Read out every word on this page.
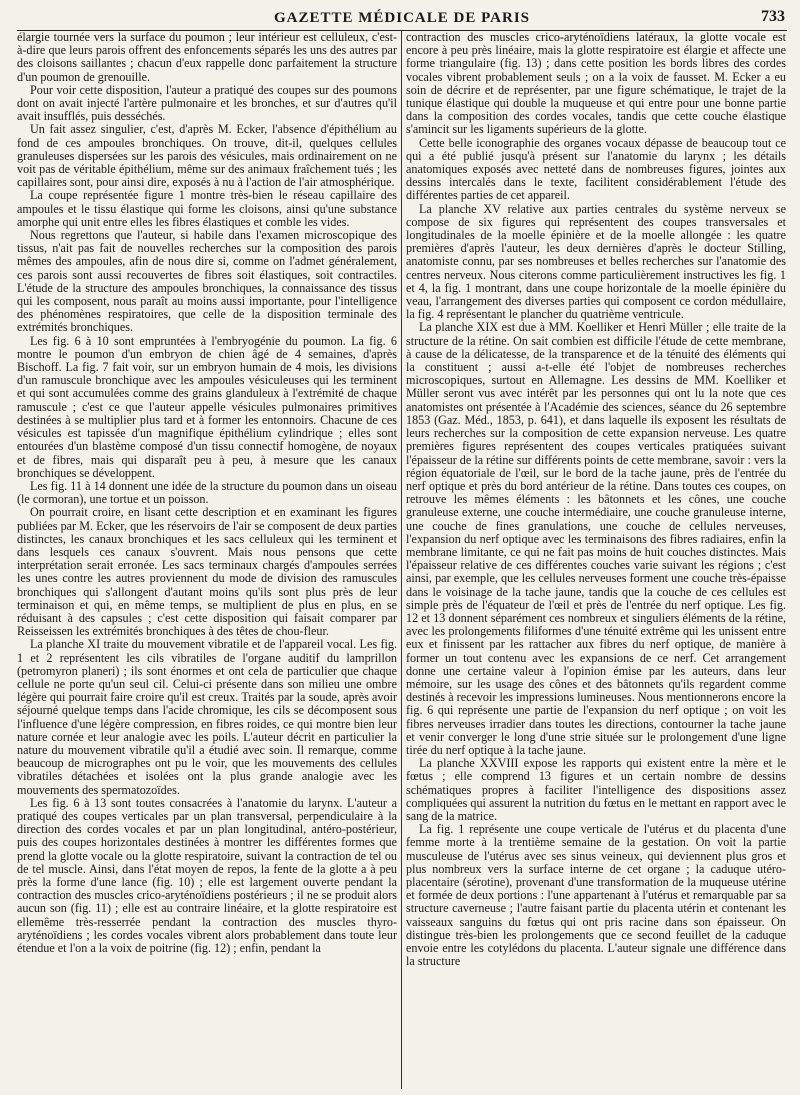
GAZETTE MÉDICALE DE PARIS	733

élargie tournée vers la surface du poumon ; leur intérieur est celluleux, c'est-à-dire que leurs parois offrent des enfoncements séparés les uns des autres par des cloisons saillantes ; chacun d'eux rappelle donc parfaitement la structure d'un poumon de grenouille.

Pour voir cette disposition, l'auteur a pratiqué des coupes sur des poumons dont on avait injecté l'artère pulmonaire et les bronches, et sur d'autres qu'il avait insufflés, puis desséchés.

Un fait assez singulier, c'est, d'après M. Ecker, l'absence d'épithélium au fond de ces ampoules bronchiques. On trouve, dit-il, quelques cellules granuleuses dispersées sur les parois des vésicules, mais ordinairement on ne voit pas de véritable épithélium, même sur des animaux fraîchement tués ; les capillaires sont, pour ainsi dire, exposés à nu à l'action de l'air atmosphérique.

La coupe représentée figure 1 montre très-bien le réseau capillaire des ampoules et le tissu élastique qui forme les cloisons, ainsi qu'une substance amorphe qui unit entre elles les fibres élastiques et comble les vides.

Nous regrettons que l'auteur, si habile dans l'examen microscopique des tissus, n'ait pas fait de nouvelles recherches sur la composition des parois mêmes des ampoules, afin de nous dire si, comme on l'admet généralement, ces parois sont aussi recouvertes de fibres soit élastiques, soit contractiles. L'étude de la structure des ampoules bronchiques, la connaissance des tissus qui les composent, nous paraît au moins aussi importante, pour l'intelligence des phénomènes respiratoires, que celle de la disposition terminale des extrémités bronchiques.

Les fig. 6 à 10 sont empruntées à l'embryogénie du poumon. La fig. 6 montre le poumon d'un embryon de chien âgé de 4 semaines, d'après Bischoff. La fig. 7 fait voir, sur un embryon humain de 4 mois, les divisions d'un ramuscule bronchique avec les ampoules vésiculeuses qui les terminent et qui sont accumulées comme des grains glanduleux à l'extrémité de chaque ramuscule ; c'est ce que l'auteur appelle vésicules pulmonaires primitives destinées à se multiplier plus tard et à former les entonnoirs. Chacune de ces vésicules est tapissée d'un magnifique épithélium cylindrique ; elles sont entourées d'un blastème composé d'un tissu connectif homogène, de noyaux et de fibres, mais qui disparaît peu à peu, à mesure que les canaux bronchiques se développent.

Les fig. 11 à 14 donnent une idée de la structure du poumon dans un oiseau (le cormoran), une tortue et un poisson.

On pourrait croire, en lisant cette description et en examinant les figures publiées par M. Ecker, que les réservoirs de l'air se composent de deux parties distinctes, les canaux bronchiques et les sacs celluleux qui les terminent et dans lesquels ces canaux s'ouvrent. Mais nous pensons que cette interprétation serait erronée. Les sacs terminaux chargés d'ampoules serrées les unes contre les autres proviennent du mode de division des ramuscules bronchiques qui s'allongent d'autant moins qu'ils sont plus près de leur terminaison et qui, en même temps, se multiplient de plus en plus, en se réduisant à des capsules ; c'est cette disposition qui faisait comparer par Reisseissen les extrémités bronchiques à des têtes de chou-fleur.

La planche XI traite du mouvement vibratile et de l'appareil vocal. Les fig. 1 et 2 représentent les cils vibratiles de l'organe auditif du lamprillon (petromyron planeri) ; ils sont énormes et ont cela de particulier que chaque cellule ne porte qu'un seul cil. Celui-ci présente dans son milieu une ombre légère qui pourrait faire croire qu'il est creux. Traités par la soude, après avoir séjourné quelque temps dans l'acide chromique, les cils se décomposent sous l'influence d'une légère compression, en fibres roides, ce qui montre bien leur nature cornée et leur analogie avec les poils. L'auteur décrit en particulier la nature du mouvement vibratile qu'il a étudié avec soin. Il remarque, comme beaucoup de micrographes ont pu le voir, que les mouvements des cellules vibratiles détachées et isolées ont la plus grande analogie avec les mouvements des spermatozoïdes.

Les fig. 6 à 13 sont toutes consacrées à l'anatomie du larynx. L'auteur a pratiqué des coupes verticales par un plan transversal, perpendiculaire à la direction des cordes vocales et par un plan longitudinal, antéro-postérieur, puis des coupes horizontales destinées à montrer les différentes formes que prend la glotte vocale ou la glotte respiratoire, suivant la contraction de tel ou de tel muscle. Ainsi, dans l'état moyen de repos, la fente de la glotte a à peu près la forme d'une lance (fig. 10) ; elle est largement ouverte pendant la contraction des muscles crico-aryténoïdiens postérieurs ; il ne se produit alors aucun son (fig. 11) ; elle est au contraire linéaire, et la glotte respiratoire est ellemême très-resserrée pendant la contraction des muscles thyro-aryténoïdiens ; les cordes vocales vibrent alors probablement dans toute leur étendue et l'on a la voix de poitrine (fig. 12) ; enfin, pendant la

contraction des muscles crico-aryténoïdiens latéraux, la glotte vocale est encore à peu près linéaire, mais la glotte respiratoire est élargie et affecte une forme triangulaire (fig. 13) ; dans cette position les bords libres des cordes vocales vibrent probablement seuls ; on a la voix de fausset. M. Ecker a eu soin de décrire et de représenter, par une figure schématique, le trajet de la tunique élastique qui double la muqueuse et qui entre pour une bonne partie dans la composition des cordes vocales, tandis que cette couche élastique s'amincit sur les ligaments supérieurs de la glotte.

Cette belle iconographie des organes vocaux dépasse de beaucoup tout ce qui a été publié jusqu'à présent sur l'anatomie du larynx ; les détails anatomiques exposés avec netteté dans de nombreuses figures, jointes aux dessins intercalés dans le texte, facilitent considérablement l'étude des différentes parties de cet appareil.

La planche XV relative aux parties centrales du système nerveux se compose de six figures qui représentent des coupes transversales et longitudinales de la moelle épinière et de la moelle allongée : les quatre premières d'après l'auteur, les deux dernières d'après le docteur Stilling, anatomiste connu, par ses nombreuses et belles recherches sur l'anatomie des centres nerveux. Nous citerons comme particulièrement instructives les fig. 1 et 4, la fig. 1 montrant, dans une coupe horizontale de la moelle épinière du veau, l'arrangement des diverses parties qui composent ce cordon médullaire, la fig. 4 représentant le plancher du quatrième ventricule.

La planche XIX est due à MM. Koelliker et Henri Müller ; elle traite de la structure de la rétine. On sait combien est difficile l'étude de cette membrane, à cause de la délicatesse, de la transparence et de la ténuité des éléments qui la constituent ; aussi a-t-elle été l'objet de nombreuses recherches microscopiques, surtout en Allemagne. Les dessins de MM. Koelliker et Müller seront vus avec intérêt par les personnes qui ont lu la note que ces anatomistes ont présentée à l'Académie des sciences, séance du 26 septembre 1853 (Gaz. Méd., 1853, p. 641), et dans laquelle ils exposent les résultats de leurs recherches sur la composition de cette expansion nerveuse. Les quatre premières figures représentent des coupes verticales pratiquées suivant l'épaisseur de la rétine sur différents points de cette membrane, savoir : vers la région équatoriale de l'œil, sur le bord de la tache jaune, près de l'entrée du nerf optique et près du bord antérieur de la rétine. Dans toutes ces coupes, on retrouve les mêmes éléments : les bâtonnets et les cônes, une couche granuleuse externe, une couche intermédiaire, une couche granuleuse interne, une couche de fines granulations, une couche de cellules nerveuses, l'expansion du nerf optique avec les terminaisons des fibres radiaires, enfin la membrane limitante, ce qui ne fait pas moins de huit couches distinctes. Mais l'épaisseur relative de ces différentes couches varie suivant les régions ; c'est ainsi, par exemple, que les cellules nerveuses forment une couche très-épaisse dans le voisinage de la tache jaune, tandis que la couche de ces cellules est simple près de l'équateur de l'œil et près de l'entrée du nerf optique. Les fig. 12 et 13 donnent séparément ces nombreux et singuliers éléments de la rétine, avec les prolongements filiformes d'une ténuité extrême qui les unissent entre eux et finissent par les rattacher aux fibres du nerf optique, de manière à former un tout contenu avec les expansions de ce nerf. Cet arrangement donne une certaine valeur à l'opinion émise par les auteurs, dans leur mémoire, sur les usage des cônes et des bâtonnets qu'ils regardent comme destinés à recevoir les impressions lumineuses. Nous mentionnerons encore la fig. 6 qui représente une partie de l'expansion du nerf optique ; on voit les fibres nerveuses irradier dans toutes les directions, contourner la tache jaune et venir converger le long d'une strie située sur le prolongement d'une ligne tirée du nerf optique à la tache jaune.

La planche XXVIII expose les rapports qui existent entre la mère et le fœtus ; elle comprend 13 figures et un certain nombre de dessins schématiques propres à faciliter l'intelligence des dispositions assez compliquées qui assurent la nutrition du fœtus en le mettant en rapport avec le sang de la matrice.

La fig. 1 représente une coupe verticale de l'utérus et du placenta d'une femme morte à la trentième semaine de la gestation. On voit la partie musculeuse de l'utérus avec ses sinus veineux, qui deviennent plus gros et plus nombreux vers la surface interne de cet organe ; la caduque utéro-placentaire (sérotine), provenant d'une transformation de la muqueuse utérine et formée de deux portions : l'une appartenant à l'utérus et remarquable par sa structure caverneuse ; l'autre faisant partie du placenta utérin et contenant les vaisseaux sanguins du fœtus qui ont pris racine dans son épaisseur. On distingue très-bien les prolongements que ce second feuillet de la caduque envoie entre les cotylédons du placenta. L'auteur signale une différence dans la structure
